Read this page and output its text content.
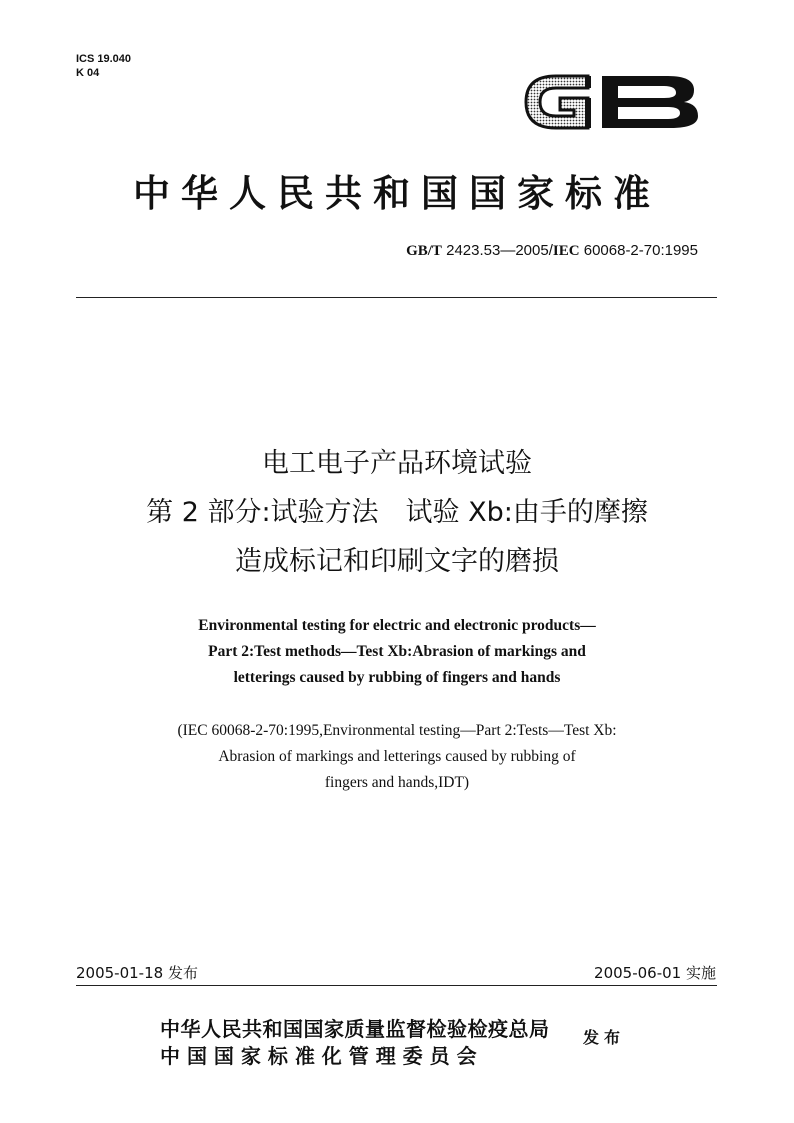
ICS 19.040
K 04
GB
中华人民共和国国家标准
GB/T 2423.53—2005/IEC 60068-2-70:1995
电工电子产品环境试验
第 2 部分:试验方法　试验 Xb:由手的摩擦
造成标记和印刷文字的磨损
Environmental testing for electric and electronic products—
Part 2:Test methods—Test Xb:Abrasion of markings and
letterings caused by rubbing of fingers and hands
(IEC 60068-2-70:1995,Environmental testing—Part 2:Tests—Test Xb:
Abrasion of markings and letterings caused by rubbing of
fingers and hands,IDT)
2005-01-18 发布	2005-06-01 实施
中华人民共和国国家质量监督检验检疫总局
中 国 国 家 标 准 化 管 理 委 员 会
发布
